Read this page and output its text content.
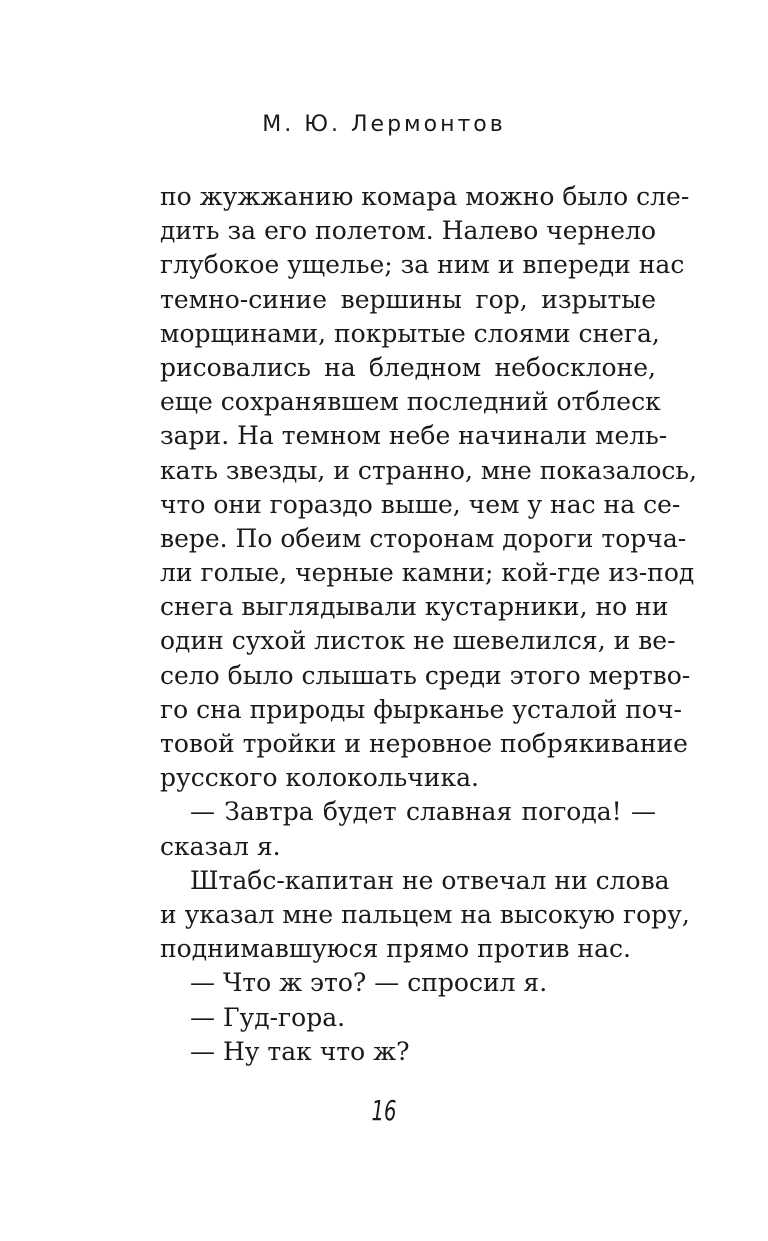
М. Ю. Лермонтов
по жужжанию комара можно было сле-
дить за его полетом. Налево чернело
глубокое ущелье; за ним и впереди нас
темно-синие вершины гор, изрытые
морщинами, покрытые слоями снега,
рисовались на бледном небосклоне,
еще сохранявшем последний отблеск
зари. На темном небе начинали мель-
кать звезды, и странно, мне показалось,
что они гораздо выше, чем у нас на се-
вере. По обеим сторонам дороги торча-
ли голые, черные камни; кой-где из-под
снега выглядывали кустарники, но ни
один сухой листок не шевелился, и ве-
село было слышать среди этого мертво-
го сна природы фырканье усталой поч-
товой тройки и неровное побрякивание
русского колокольчика.
— Завтра будет славная погода! —
сказал я.
Штабс-капитан не отвечал ни слова
и указал мне пальцем на высокую гору,
поднимавшуюся прямо против нас.
— Что ж это? — спросил я.
— Гуд-гора.
— Ну так что ж?
16
